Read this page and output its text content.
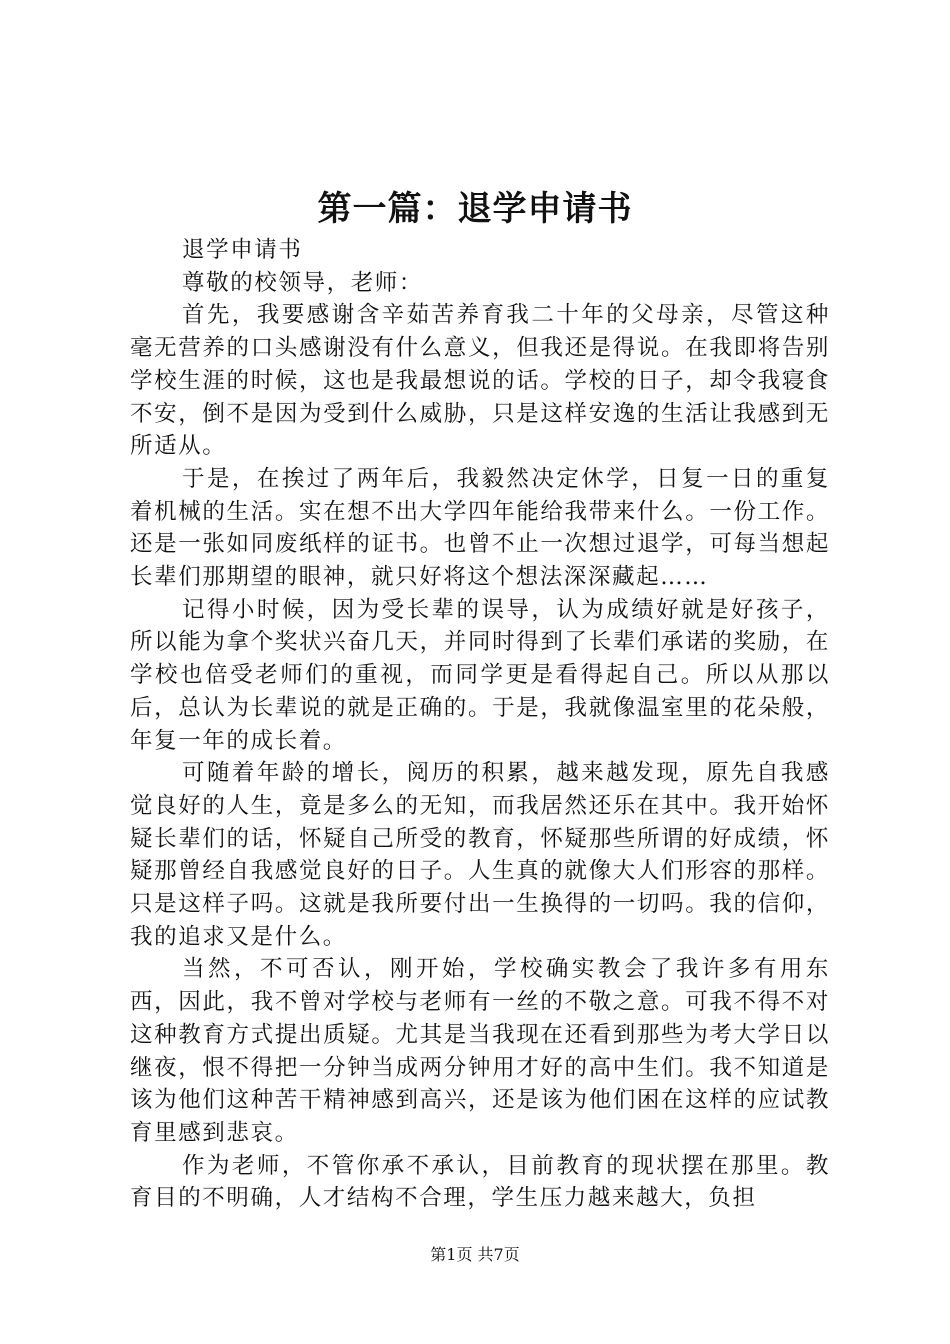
第一篇：退学申请书

退学申请书

尊敬的校领导，老师：

首先，我要感谢含辛茹苦养育我二十年的父母亲，尽管这种毫无营养的口头感谢没有什么意义，但我还是得说。在我即将告别学校生涯的时候，这也是我最想说的话。学校的日子，却令我寝食不安，倒不是因为受到什么威胁，只是这样安逸的生活让我感到无所适从。

于是，在挨过了两年后，我毅然决定休学，日复一日的重复着机械的生活。实在想不出大学四年能给我带来什么。一份工作。还是一张如同废纸样的证书。也曾不止一次想过退学，可每当想起长辈们那期望的眼神，就只好将这个想法深深藏起……

记得小时候，因为受长辈的误导，认为成绩好就是好孩子，所以能为拿个奖状兴奋几天，并同时得到了长辈们承诺的奖励，在学校也倍受老师们的重视，而同学更是看得起自己。所以从那以后，总认为长辈说的就是正确的。于是，我就像温室里的花朵般，年复一年的成长着。

可随着年龄的增长，阅历的积累，越来越发现，原先自我感觉良好的人生，竟是多么的无知，而我居然还乐在其中。我开始怀疑长辈们的话，怀疑自己所受的教育，怀疑那些所谓的好成绩，怀疑那曾经自我感觉良好的日子。人生真的就像大人们形容的那样。只是这样子吗。这就是我所要付出一生换得的一切吗。我的信仰，我的追求又是什么。

当然，不可否认，刚开始，学校确实教会了我许多有用东西，因此，我不曾对学校与老师有一丝的不敬之意。可我不得不对这种教育方式提出质疑。尤其是当我现在还看到那些为考大学日以继夜，恨不得把一分钟当成两分钟用才好的高中生们。我不知道是该为他们这种苦干精神感到高兴，还是该为他们困在这样的应试教育里感到悲哀。

作为老师，不管你承不承认，目前教育的现状摆在那里。教育目的不明确，人才结构不合理，学生压力越来越大，负担

第1页 共7页
